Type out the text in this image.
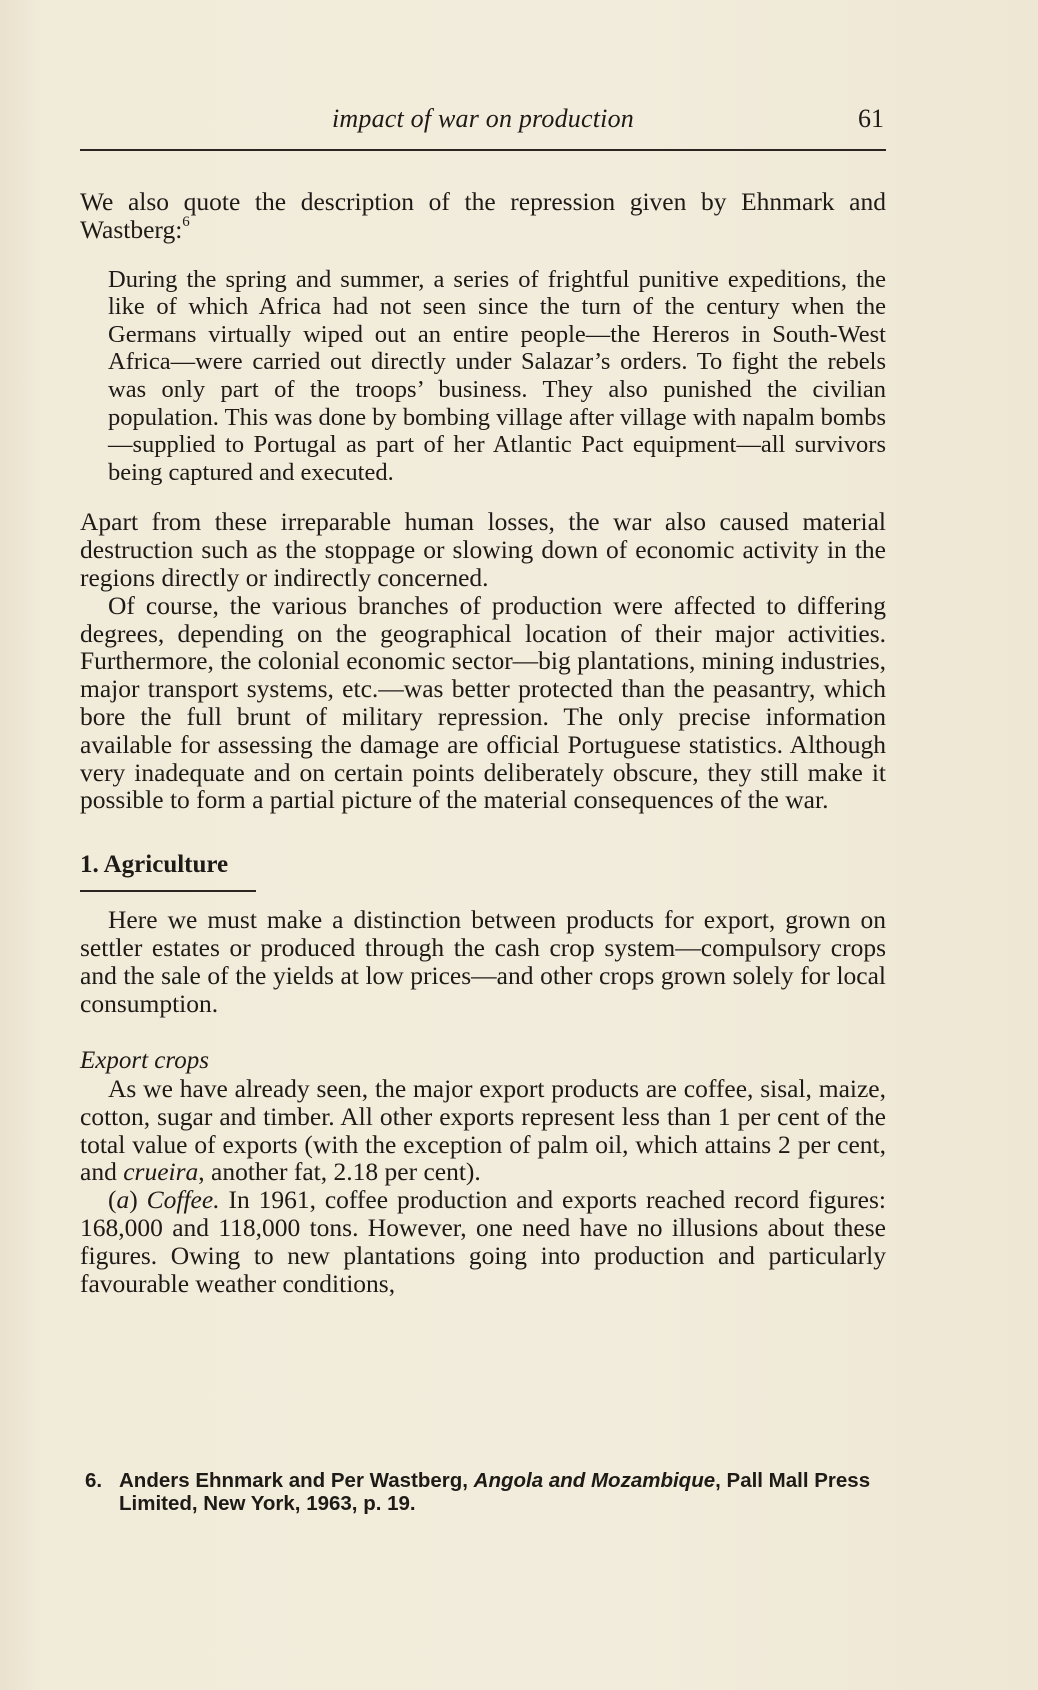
impact of war on production	61

We also quote the description of the repression given by Ehnmark and Wastberg:$^6$

During the spring and summer, a series of frightful punitive expeditions, the like of which Africa had not seen since the turn of the century when the Germans virtually wiped out an entire people—the Hereros in South-West Africa—were carried out directly under Salazar’s orders. To fight the rebels was only part of the troops’ business. They also punished the civilian population. This was done by bombing village after village with napalm bombs—supplied to Portugal as part of her Atlantic Pact equipment—all survivors being captured and executed.

Apart from these irreparable human losses, the war also caused material destruction such as the stoppage or slowing down of economic activity in the regions directly or indirectly concerned.

Of course, the various branches of production were affected to differing degrees, depending on the geographical location of their major activities. Furthermore, the colonial economic sector—big plantations, mining industries, major transport systems, etc.—was better protected than the peasantry, which bore the full brunt of military repression. The only precise information available for assessing the damage are official Portuguese statistics. Although very inadequate and on certain points deliberately obscure, they still make it possible to form a partial picture of the material consequences of the war.

1. Agriculture

Here we must make a distinction between products for export, grown on settler estates or produced through the cash crop system—compulsory crops and the sale of the yields at low prices—and other crops grown solely for local consumption.

Export crops

As we have already seen, the major export products are coffee, sisal, maize, cotton, sugar and timber. All other exports represent less than 1 per cent of the total value of exports (with the exception of palm oil, which attains 2 per cent, and crueira, another fat, 2.18 per cent).

(a) Coffee. In 1961, coffee production and exports reached record figures: 168,000 and 118,000 tons. However, one need have no illusions about these figures. Owing to new plantations going into production and particularly favourable weather conditions,

6. Anders Ehnmark and Per Wastberg, Angola and Mozambique, Pall Mall Press
Limited, New York, 1963, p. 19.
